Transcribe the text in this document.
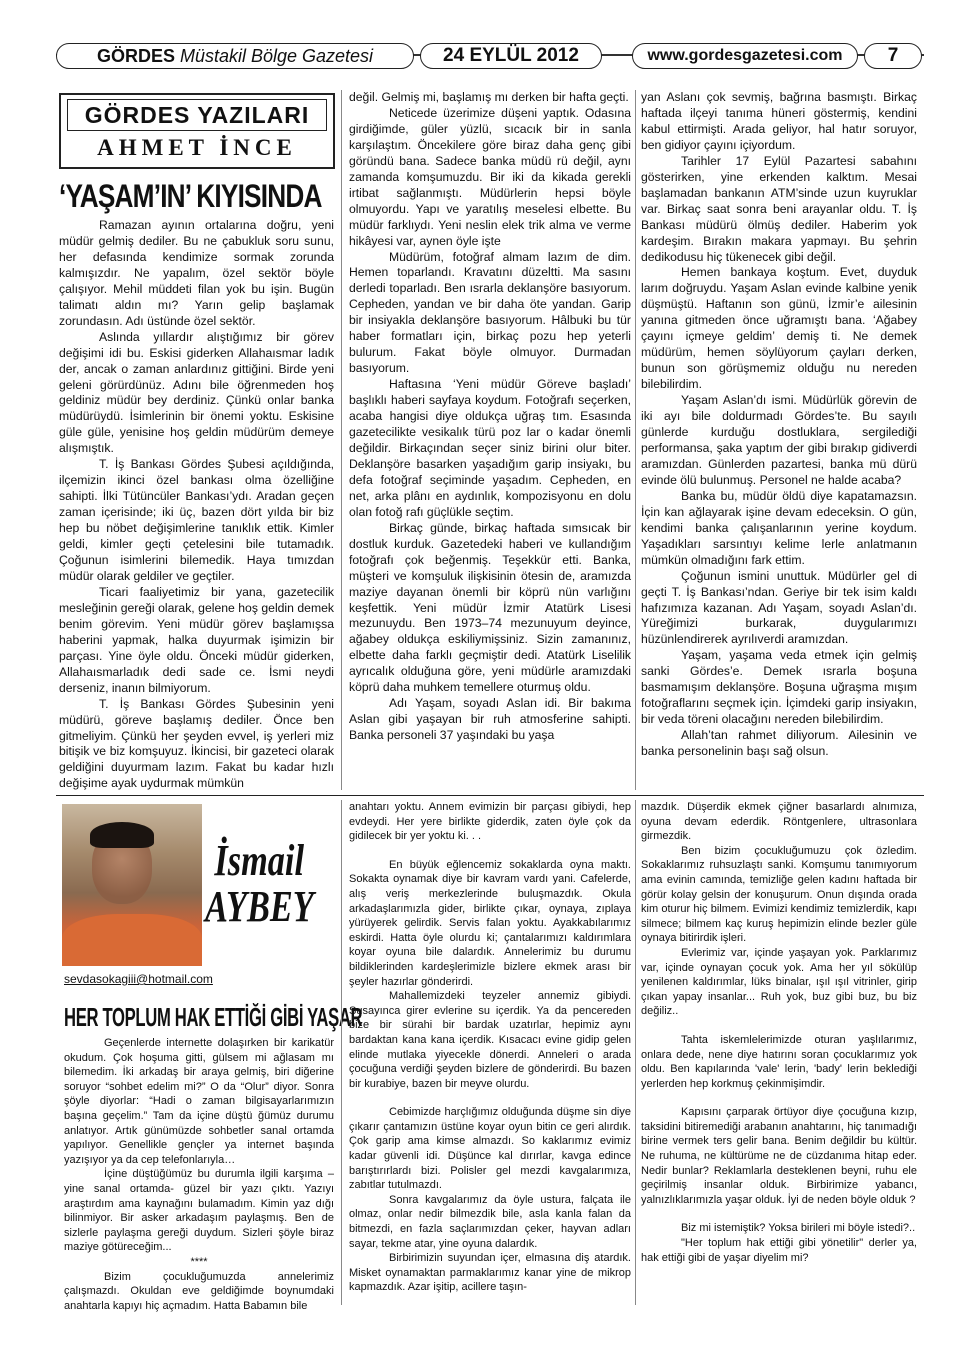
GÖRDES Müstakil Bölge Gazetesi	24 EYLÜL 2012	www.gordesgazetesi.com	7
GÖRDES YAZILARI
AHMET İNCE
‘YAŞAM’IN’ KIYISINDA

Ramazan ayının ortalarına doğru, yeni müdür gelmiş dediler. Bu ne çabukluk soru sunu, her defasında kendimize sormak zorunda kalmışızdır. Ne yapalım, özel sektör böyle çalışıyor. Mehil müddeti filan yok bu işin. Bugün talimatı aldın mı? Yarın gelip başlamak zorundasın. Adı üstünde özel sektör.

Aslında yıllardır alıştığımız bir görev değişimi idi bu. Eskisi giderken Allahaısmar ladık der, ancak o zaman anlardınız gittiğini. Birde yeni geleni görürdünüz. Adını bile öğrenmeden hoş geldiniz müdür bey derdiniz. Çünkü onlar banka müdürüydü. İsimlerinin bir önemi yoktu. Eskisine güle güle, yenisine hoş geldin müdürüm demeye alışmıştık.

T. İş Bankası Gördes Şubesi açıldığında, ilçemizin ikinci özel bankası olma özelliğine sahipti. İlki Tütüncüler Bankası’ydı. Aradan geçen zaman içerisinde; iki üç, bazen dört yılda bir biz hep bu nöbet değişimlerine tanıklık ettik. Kimler geldi, kimler geçti çetelesini bile tutamadık. Çoğunun isimlerini bilemedik. Haya tımızdan müdür olarak geldiler ve geçtiler.

Ticari faaliyetimiz bir yana, gazetecilik mesleğinin gereği olarak, gelene hoş geldin demek benim görevim. Yeni müdür görev başlamışsa haberini yapmak, halka duyurmak işimizin bir parçası. Yine öyle oldu. Önceki müdür giderken, Allahaısmarladık dedi sade ce. İsmi neydi derseniz, inanın bilmiyorum.

T. İş Bankası Gördes Şubesinin yeni müdürü, göreve başlamış dediler. Önce ben gitmeliyim. Çünkü her şeyden evvel, iş yerleri miz bitişik ve biz komşuyuz. İkincisi, bir gazeteci olarak geldiğini duyurmam lazım. Fakat bu kadar hızlı değişime ayak uydurmak mümkün

değil. Gelmiş mi, başlamış mı derken bir hafta geçti.

Neticede üzerimize düşeni yaptık. Odasına girdiğimde, güler yüzlü, sıcacık bir in sanla karşılaştım. Öncekilere göre biraz daha genç gibi göründü bana. Sadece banka müdü rü değil, aynı zamanda komşumuzdu. Bir iki da kikada gerekli irtibat sağlanmıştı. Müdürlerin hepsi böyle olmuyordu. Yapı ve yaratılış meselesi elbette. Bu müdür farklıydı. Yeni neslin elek trik alma ve verme hikâyesi var, aynen öyle işte

Müdürüm, fotoğraf almam lazım de dim. Hemen toparlandı. Kravatını düzeltti. Ma sasını derledi toparladı. Ben ısrarla deklanşöre basıyorum. Cepheden, yandan ve bir daha öte yandan. Garip bir insiyakla deklanşöre basıyorum. Hâlbuki bu tür haber formatları için, birkaç pozu hep yeterli bulurum. Fakat böyle olmuyor. Durmadan basıyorum.

Haftasına ‘Yeni müdür Göreve başladı’ başlıklı haberi sayfaya koydum. Fotoğrafı seçerken, acaba hangisi diye oldukça uğraş tım. Esasında gazetecilikte vesikalık türü poz lar o kadar önemli değildir. Birkaçından seçer siniz birini olur biter. Deklanşöre basarken yaşadığım garip insiyakı, bu defa fotoğraf seçiminde yaşadım. Cepheden, en net, arka plânı en aydınlık, kompozisyonu en dolu olan fotoğ rafı güçlükle seçtim.

Birkaç günde, birkaç haftada sımsıcak bir dostluk kurduk. Gazetedeki haberi ve kullandığım fotoğrafı çok beğenmiş. Teşekkür etti. Banka, müşteri ve komşuluk ilişkisinin ötesin de, aramızda maziye dayanan önemli bir köprü nün varlığını keşfettik. Yeni müdür İzmir Atatürk Lisesi mezunuydu. Ben 1973–74 mezunuyum deyince, ağabey oldukça eskiliymişsiniz. Sizin zamanınız, elbette daha farklı geçmiştir dedi. Atatürk Liselilik ayrıcalık olduğuna göre, yeni müdürle aramızdaki köprü daha muhkem temellere oturmuş oldu.

Adı Yaşam, soyadı Aslan idi. Bir bakıma Aslan gibi yaşayan bir ruh atmosferine sahipti. Banka personeli 37 yaşındaki bu yaşa

yan Aslanı çok sevmiş, bağrına basmıştı. Birkaç haftada ilçeyi tanıma hüneri göstermiş, kendini kabul ettirmişti. Arada geliyor, hal hatır soruyor, ben gidiyor çayını içiyordum.

Tarihler 17 Eylül Pazartesi sabahını gösterirken, yine erkenden kalktım. Mesai başlamadan bankanın ATM’sinde uzun kuyruklar var. Birkaç saat sonra beni arayanlar oldu. T. İş Bankası müdürü ölmüş dediler. Haberim yok kardeşim. Bırakın makara yapmayı. Bu şehrin dedikodusu hiç tükenecek gibi değil.

Hemen bankaya koştum. Evet, duyduk larım doğruydu. Yaşam Aslan evinde kalbine yenik düşmüştü. Haftanın son günü, İzmir’e ailesinin yanına gitmeden önce uğramıştı bana. ‘Ağabey çayını içmeye geldim’ demiş ti. Ne demek müdürüm, hemen söylüyorum çayları derken, bunun son görüşmemiz olduğu nu nereden bilebilirdim.

Yaşam Aslan’dı ismi. Müdürlük görevin de iki ayı bile doldurmadı Gördes’te. Bu sayılı günlerde kurduğu dostluklara, sergilediği performansa, şaka yaptım der gibi bırakıp gidiverdi aramızdan. Günlerden pazartesi, banka mü dürü evinde ölü bulunmuş. Personel ne halde acaba?

Banka bu, müdür öldü diye kapatamazsın. İçin kan ağlayarak işine devam edeceksin. O gün, kendimi banka çalışanlarının yerine koydum. Yaşadıkları sarsıntıyı kelime lerle anlatmanın mümkün olmadığını fark ettim.

Çoğunun ismini unuttuk. Müdürler gel di geçti T. İş Bankası’ndan. Geriye bir tek isim kaldı hafızımıza kazanan. Adı Yaşam, soyadı Aslan’dı. Yüreğimizi burkarak, duygularımızı hüzünlendirerek ayrılıverdi aramızdan.

Yaşam, yaşama veda etmek için gelmiş sanki Gördes’e. Demek ısrarla boşuna basmamışım deklanşöre. Boşuna uğraşma mışım fotoğraflarını seçmek için. İçimdeki garip insiyakın, bir veda töreni olacağını nereden bilebilirdim.

Allah’tan rahmet diliyorum. Ailesinin ve banka personelinin başı sağ olsun.

İsmail
AYBEY
sevdasokagiii@hotmail.com
HER TOPLUM HAK ETTİĞİ GİBİ YAŞAR

Geçenlerde internette dolaşırken bir karikatür okudum. Çok hoşuma gitti, gülsem mi ağlasam mı bilemedim. İki arkadaş bir araya gelmiş, biri diğerine soruyor “sohbet edelim mi?” O da “Olur” diyor. Sonra şöyle diyorlar: “Hadi o zaman bilgisayarlarımızın başına geçelim.” Tam da içine düştü ğümüz durumu anlatıyor. Artık günümüzde sohbetler sanal ortamda yapılıyor. Genellikle gençler ya internet başında yazışıyor ya da cep telefonlarıyla…

İçine düştüğümüz bu durumla ilgili karşıma –yine sanal ortamda- güzel bir yazı çıktı. Yazıyı araştırdım ama kaynağını bulamadım. Kimin yaz dığı bilinmiyor. Bir asker arkadaşım paylaşmış. Ben de sizlerle paylaşma gereği duydum. Sizleri şöyle biraz maziye götüreceğim...

****

Bizim çocukluğumuzda annelerimiz çalışmazdı. Okuldan eve geldiğimde boynumdaki anahtarla kapıyı hiç açmadım. Hatta Babamın bile

anahtarı yoktu. Annem evimizin bir parçası gibiydi, hep evdeydi. Her yere birlikte giderdik, zaten öyle çok da gidilecek bir yer yoktu ki. . .

En büyük eğlencemiz sokaklarda oyna maktı. Sokakta oynamak diye bir kavram vardı yani. Cafelerde, alış veriş merkezlerinde buluşmazdık. Okula arkadaşlarımızla gider, birlikte çıkar, oynaya, zıplaya yürüyerek gelirdik. Servis falan yoktu. Ayakkabılarımız eskirdi. Hatta öyle olurdu ki; çantalarımızı kaldırımlara koyar oyuna bile dalardık. Annelerimiz bu durumu bildiklerinden kardeşlerimizle bizlere ekmek arası bir şeyler hazırlar gönderirdi.

Mahallemizdeki teyzeler annemiz gibiydi. Susayınca girer evlerine su içerdik. Ya da pencereden bize bir sürahi bir bardak uzatırlar, hepimiz aynı bardaktan kana kana içerdik. Kısacacı evine gidip gelen elinde mutlaka yiyecekle dönerdi. Anneleri o arada çocuğuna verdiği şeyden bizlere de gönderirdi. Bu bazen bir kurabiye, bazen bir meyve olurdu.

Cebimizde harçlığımız olduğunda düşme sin diye çıkarır çantamızın üstüne koyar oyun bitin ce geri alırdık. Çok garip ama kimse almazdı. So kaklarımız evimiz kadar güvenli idi. Düşünce kal dırırlar, kavga edince barıştırırlardı bizi. Polisler gel mezdi kavgalarımıza, zabıtlar tutulmazdı.

Sonra kavgalarımız da öyle ustura, falçata ile olmaz, onlar nedir bilmezdik bile, asla kanla falan da bitmezdi, en fazla saçlarımızdan çeker, hayvan adları sayar, tekme atar, yine oyuna dalardık.

Birbirimizin suyundan içer, elmasına diş atardık. Misket oynamaktan parmaklarımız kanar yine de mikrop kapmazdık. Azar işitip, acillere taşın-

mazdık. Düşerdik ekmek çiğner basarlardı alnımıza, oyuna devam ederdik. Röntgenlere, ultrasonlara girmezdik.

Ben bizim çocukluğumuzu çok özledim. Sokaklarımız ruhsuzlaştı sanki. Komşumu tanımıyorum ama evinin camında, temizliğe gelen kadını haftada bir görür kolay gelsin der konuşurum. Onun dışında orada kim oturur hiç bilmem. Evimizi kendimiz temizlerdik, kapı silmece; bilmem kaç kuruş hepimizin elinde bezler güle oynaya bitirirdik işleri.

Evlerimiz var, içinde yaşayan yok. Parklarımız var, içinde oynayan çocuk yok. Ama her yıl sökülüp yenilenen kaldırımlar, lüks binalar, ışıl ışıl vitrinler, girip çıkan yapay insanlar... Ruh yok, buz gibi buz, bu biz değiliz..

Tahta iskemlelerimizde oturan yaşlılarımız, onlara dede, nene diye hatırını soran çocuklarımız yok oldu. Ben kapılarında 'vale' lerin, 'bady' lerin beklediği yerlerden hep korkmuş çekinmişimdir.

Kapısını çarparak örtüyor diye çocuğuna kızıp, taksidini bitiremediği arabanın anahtarını, hiç tanımadığı birine vermek ters gelir bana. Benim değildir bu kültür. Ne ruhuma, ne kültürüme ne de cüzdanıma hitap eder. Nedir bunlar? Reklamlarla desteklenen beyni, ruhu ele geçirilmiş insanlar olduk. Birbirimize yabancı, yalnızlıklarımızla yaşar olduk. İyi de neden böyle olduk ?

Biz mi istemiştik? Yoksa birileri mi böyle istedi?..

"Her toplum hak ettiği gibi yönetilir" derler ya, hak ettiği gibi de yaşar diyelim mi?
